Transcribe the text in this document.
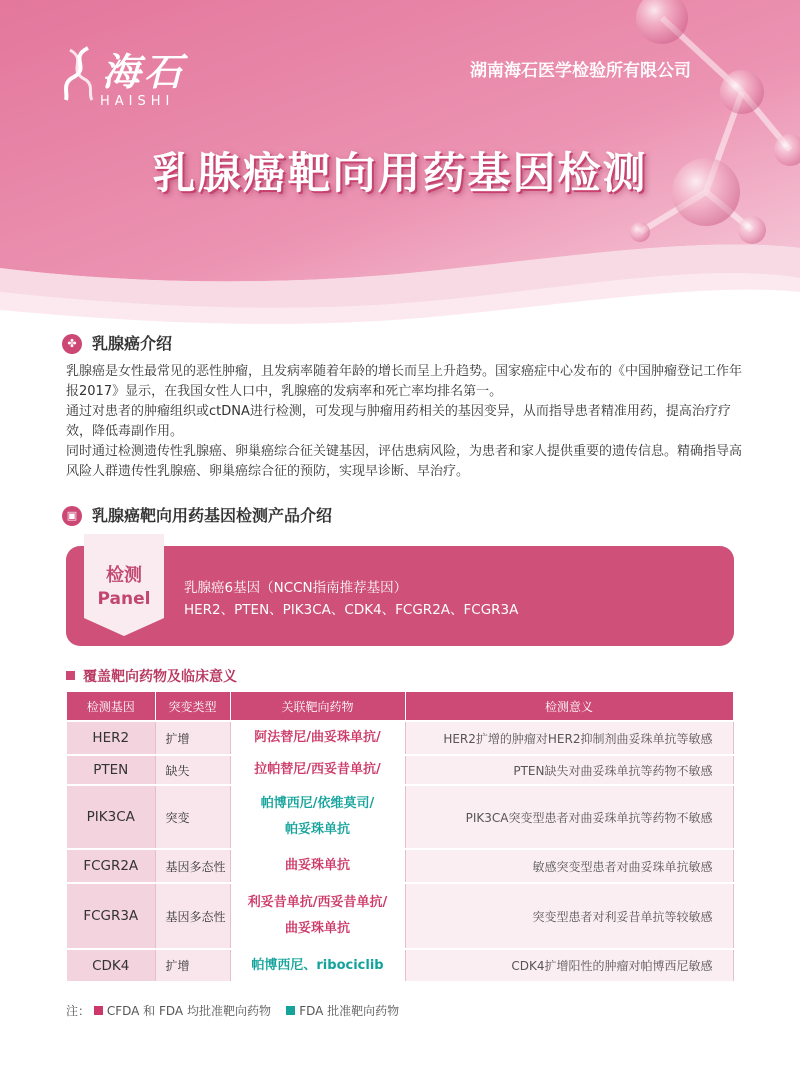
海石
HAISHI
湖南海石医学检验所有限公司
乳腺癌靶向用药基因检测
✤ 乳腺癌介绍

乳腺癌是女性最常见的恶性肿瘤，且发病率随着年龄的增长而呈上升趋势。国家癌症中心发布的《中国肿瘤登记工作年报2017》显示，在我国女性人口中，乳腺癌的发病率和死亡率均排名第一。

通过对患者的肿瘤组织或ctDNA进行检测，可发现与肿瘤用药相关的基因变异，从而指导患者精准用药，提高治疗疗效，降低毒副作用。

同时通过检测遗传性乳腺癌、卵巢癌综合征关键基因，评估患病风险，为患者和家人提供重要的遗传信息。精确指导高风险人群遗传性乳腺癌、卵巢癌综合征的预防，实现早诊断、早治疗。

▣ 乳腺癌靶向用药基因检测产品介绍
检测
Panel
乳腺癌6基因（NCCN指南推荐基因）
HER2、PTEN、PIK3CA、CDK4、FCGR2A、FCGR3A
覆盖靶向药物及临床意义
检测基因	突变类型	关联靶向药物	检测意义
HER2	扩增	阿法替尼/曲妥珠单抗/	HER2扩增的肿瘤对HER2抑制剂曲妥珠单抗等敏感
PTEN	缺失	拉帕替尼/西妥昔单抗/	PTEN缺失对曲妥珠单抗等药物不敏感
PIK3CA	突变	帕博西尼/依维莫司/
帕妥珠单抗	PIK3CA突变型患者对曲妥珠单抗等药物不敏感
FCGR2A	基因多态性	曲妥珠单抗	敏感突变型患者对曲妥珠单抗敏感
FCGR3A	基因多态性	利妥昔单抗/西妥昔单抗/
曲妥珠单抗	突变型患者对利妥昔单抗等较敏感
CDK4	扩增	帕博西尼、ribociclib	CDK4扩增阳性的肿瘤对帕博西尼敏感
注： CFDA 和 FDA 均批准靶向药物 FDA 批准靶向药物
